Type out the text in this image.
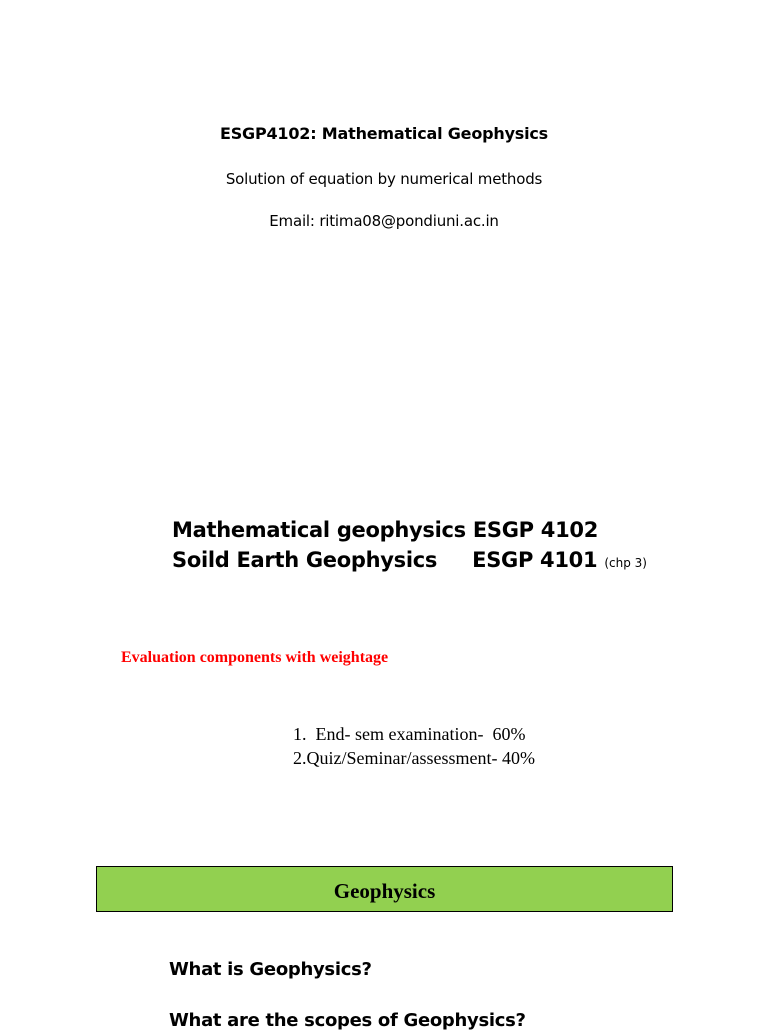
ESGP4102: Mathematical Geophysics
Solution of equation by numerical methods
Email: ritima08@pondiuni.ac.in
Mathematical geophysics ESGP 4102
Soild Earth Geophysics     ESGP 4101 (chp 3)
Evaluation components with weightage
1.  End- sem examination-  60%
2.Quiz/Seminar/assessment- 40%
Geophysics
What is Geophysics?
What are the scopes of Geophysics?
